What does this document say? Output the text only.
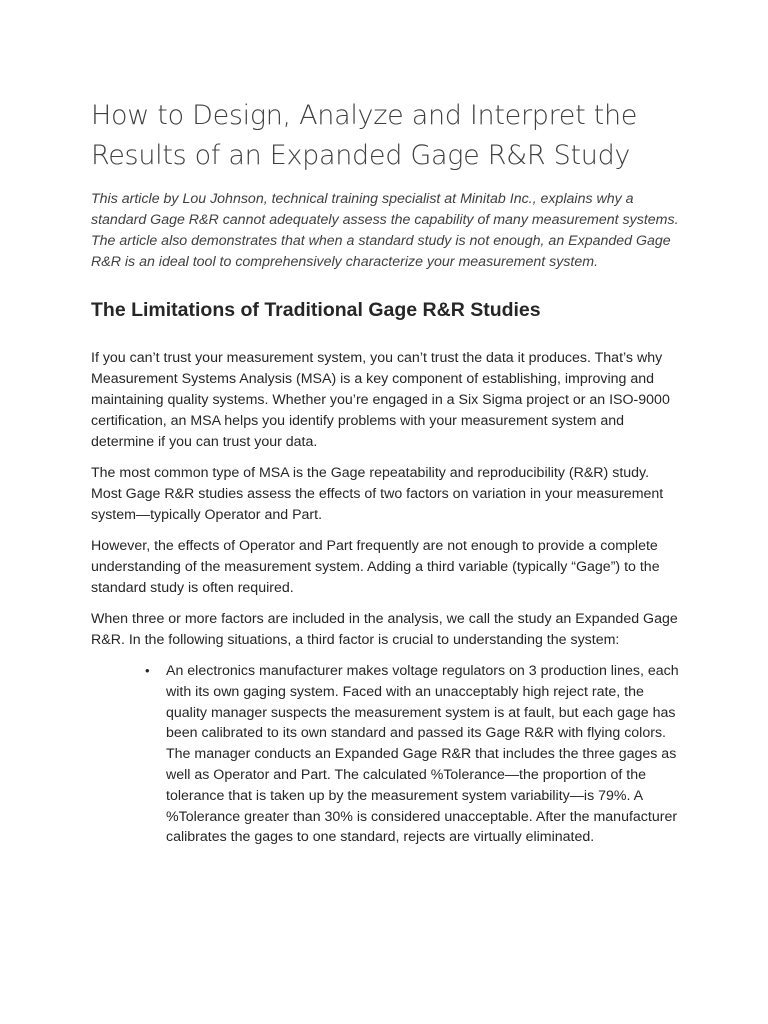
How to Design, Analyze and Interpret the Results of an Expanded Gage R&R Study

This article by Lou Johnson, technical training specialist at Minitab Inc., explains why a standard Gage R&R cannot adequately assess the capability of many measurement systems. The article also demonstrates that when a standard study is not enough, an Expanded Gage R&R is an ideal tool to comprehensively characterize your measurement system.

The Limitations of Traditional Gage R&R Studies

If you can’t trust your measurement system, you can’t trust the data it produces. That’s why Measurement Systems Analysis (MSA) is a key component of establishing, improving and maintaining quality systems. Whether you’re engaged in a Six Sigma project or an ISO-9000 certification, an MSA helps you identify problems with your measurement system and determine if you can trust your data.

The most common type of MSA is the Gage repeatability and reproducibility (R&R) study. Most Gage R&R studies assess the effects of two factors on variation in your measurement system—typically Operator and Part.

However, the effects of Operator and Part frequently are not enough to provide a complete understanding of the measurement system. Adding a third variable (typically “Gage”) to the standard study is often required.

When three or more factors are included in the analysis, we call the study an Expanded Gage R&R. In the following situations, a third factor is crucial to understanding the system:

• An electronics manufacturer makes voltage regulators on 3 production lines, each with its own gaging system. Faced with an unacceptably high reject rate, the quality manager suspects the measurement system is at fault, but each gage has been calibrated to its own standard and passed its Gage R&R with flying colors. The manager conducts an Expanded Gage R&R that includes the three gages as well as Operator and Part. The calculated %Tolerance—the proportion of the tolerance that is taken up by the measurement system variability—is 79%. A %Tolerance greater than 30% is considered unacceptable. After the manufacturer calibrates the gages to one standard, rejects are virtually eliminated.
